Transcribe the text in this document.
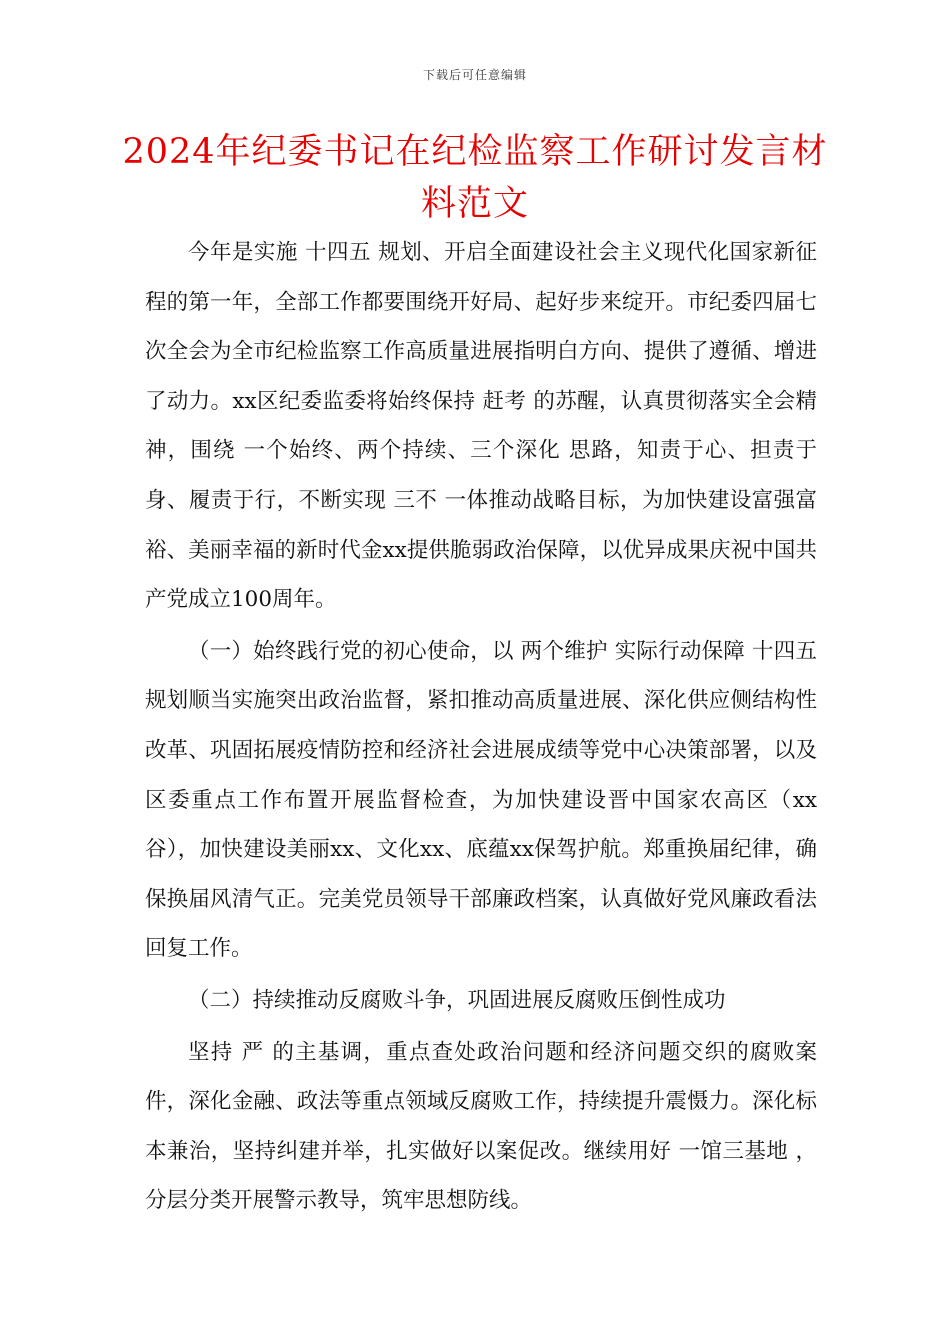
下载后可任意编辑
2024年纪委书记在纪检监察工作研讨发言材料范文

今年是实施 十四五 规划、开启全面建设社会主义现代化国家新征程的第一年，全部工作都要围绕开好局、起好步来绽开。市纪委四届七次全会为全市纪检监察工作高质量进展指明白方向、提供了遵循、增进了动力。xx区纪委监委将始终保持 赶考 的苏醒，认真贯彻落实全会精神，围绕 一个始终、两个持续、三个深化 思路，知责于心、担责于身、履责于行，不断实现 三不 一体推动战略目标，为加快建设富强富裕、美丽幸福的新时代金xx提供脆弱政治保障，以优异成果庆祝中国共产党成立100周年。

（一）始终践行党的初心使命，以 两个维护 实际行动保障 十四五 规划顺当实施突出政治监督，紧扣推动高质量进展、深化供应侧结构性改革、巩固拓展疫情防控和经济社会进展成绩等党中心决策部署，以及区委重点工作布置开展监督检查，为加快建设晋中国家农高区（xx谷），加快建设美丽xx、文化xx、底蕴xx保驾护航。郑重换届纪律，确保换届风清气正。完美党员领导干部廉政档案，认真做好党风廉政看法回复工作。

（二）持续推动反腐败斗争，巩固进展反腐败压倒性成功

坚持 严 的主基调，重点查处政治问题和经济问题交织的腐败案件，深化金融、政法等重点领域反腐败工作，持续提升震慑力。深化标本兼治，坚持纠建并举，扎实做好以案促改。继续用好 一馆三基地 ，分层分类开展警示教导，筑牢思想防线。
